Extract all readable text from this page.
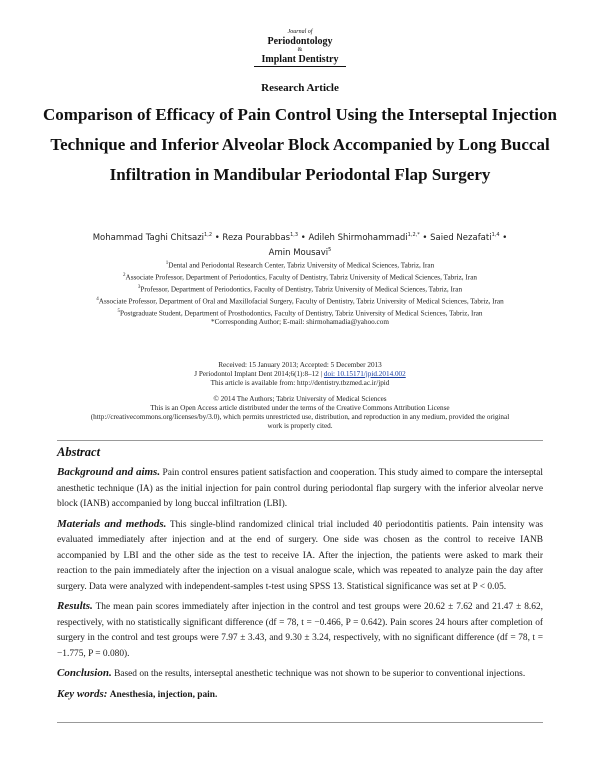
Journal of
Periodontology
&
Implant Dentistry
Research Article
Comparison of Efficacy of Pain Control Using the Interseptal Injection Technique and Inferior Alveolar Block Accompanied by Long Buccal Infiltration in Mandibular Periodontal Flap Surgery
Mohammad Taghi Chitsazi$^{1,2}$ • Reza Pourabbas$^{1,3}$ • Adileh Shirmohammadi$^{1,2,*}$ • Saied Nezafati$^{1,4}$ •
Amin Mousavi$^5$
$^1$Dental and Periodontal Research Center, Tabriz University of Medical Sciences, Tabriz, Iran
$^2$Associate Professor, Department of Periodontics, Faculty of Dentistry, Tabriz University of Medical Sciences, Tabriz, Iran
$^3$Professor, Department of Periodontics, Faculty of Dentistry, Tabriz University of Medical Sciences, Tabriz, Iran
$^4$Associate Professor, Department of Oral and Maxillofacial Surgery, Faculty of Dentistry, Tabriz University of Medical Sciences, Tabriz, Iran
$^5$Postgraduate Student, Department of Prosthodontics, Faculty of Dentistry, Tabriz University of Medical Sciences, Tabriz, Iran
*Corresponding Author; E-mail: shirmohamadia@yahoo.com
Received: 15 January 2013; Accepted: 5 December 2013
J Periodontol Implant Dent 2014;6(1):8–12 | doi: 10.15171/jpid.2014.002
This article is available from: http://dentistry.tbzmed.ac.ir/jpid
© 2014 The Authors; Tabriz University of Medical Sciences
This is an Open Access article distributed under the terms of the Creative Commons Attribution License
(http://creativecommons.org/licenses/by/3.0), which permits unrestricted use, distribution, and reproduction in any medium, provided the original
work is properly cited.
Abstract

Background and aims. Pain control ensures patient satisfaction and cooperation. This study aimed to compare the interseptal anesthetic technique (IA) as the initial injection for pain control during periodontal flap surgery with the inferior alveolar nerve block (IANB) accompanied by long buccal infiltration (LBI).

Materials and methods. This single-blind randomized clinical trial included 40 periodontitis patients. Pain intensity was evaluated immediately after injection and at the end of surgery. One side was chosen as the control to receive IANB accompanied by LBI and the other side as the test to receive IA. After the injection, the patients were asked to mark their reaction to the pain immediately after the injection on a visual analogue scale, which was repeated to analyze pain the day after surgery. Data were analyzed with independent-samples t-test using SPSS 13. Statistical significance was set at P < 0.05.

Results. The mean pain scores immediately after injection in the control and test groups were 20.62 ± 7.62 and 21.47 ± 8.62, respectively, with no statistically significant difference (df = 78, t = −0.466, P = 0.642). Pain scores 24 hours after completion of surgery in the control and test groups were 7.97 ± 3.43, and 9.30 ± 3.24, respectively, with no significant difference (df = 78, t = −1.775, P = 0.080).

Conclusion. Based on the results, interseptal anesthetic technique was not shown to be superior to conventional injections.

Key words: Anesthesia, injection, pain.
